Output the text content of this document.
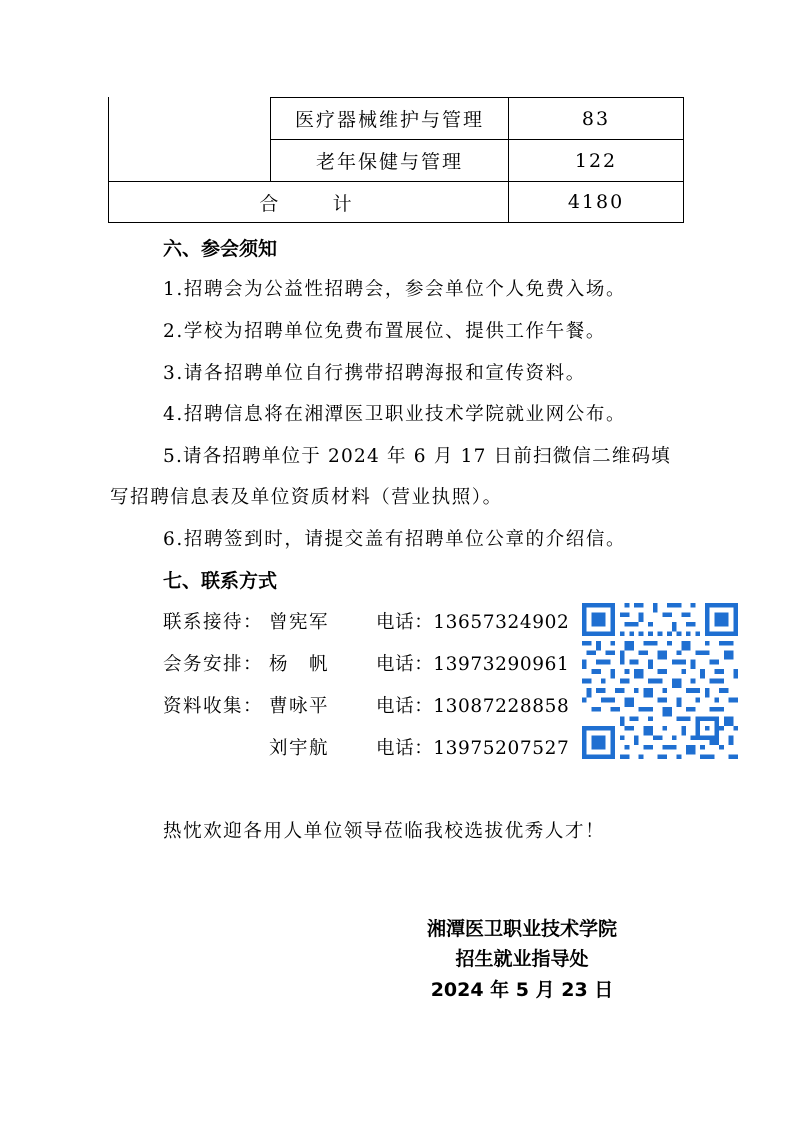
医疗器械维护与管理	83
老年保健与管理	122
合    计	4180
六、参会须知
1.招聘会为公益性招聘会，参会单位个人免费入场。
2.学校为招聘单位免费布置展位、提供工作午餐。
3.请各招聘单位自行携带招聘海报和宣传资料。
4.招聘信息将在湘潭医卫职业技术学院就业网公布。
5.请各招聘单位于 2024 年 6 月 17 日前扫微信二维码填
写招聘信息表及单位资质材料（营业执照）。
6.招聘签到时，请提交盖有招聘单位公章的介绍信。
七、联系方式
联系接待： 曾宪军	电话：13657324902
会务安排： 杨　帆	电话：13973290961
资料收集： 曹咏平	电话：13087228858
刘宇航	电话：13975207527
热忱欢迎各用人单位领导莅临我校选拔优秀人才！
湘潭医卫职业技术学院
招生就业指导处
2024 年 5 月 23 日
